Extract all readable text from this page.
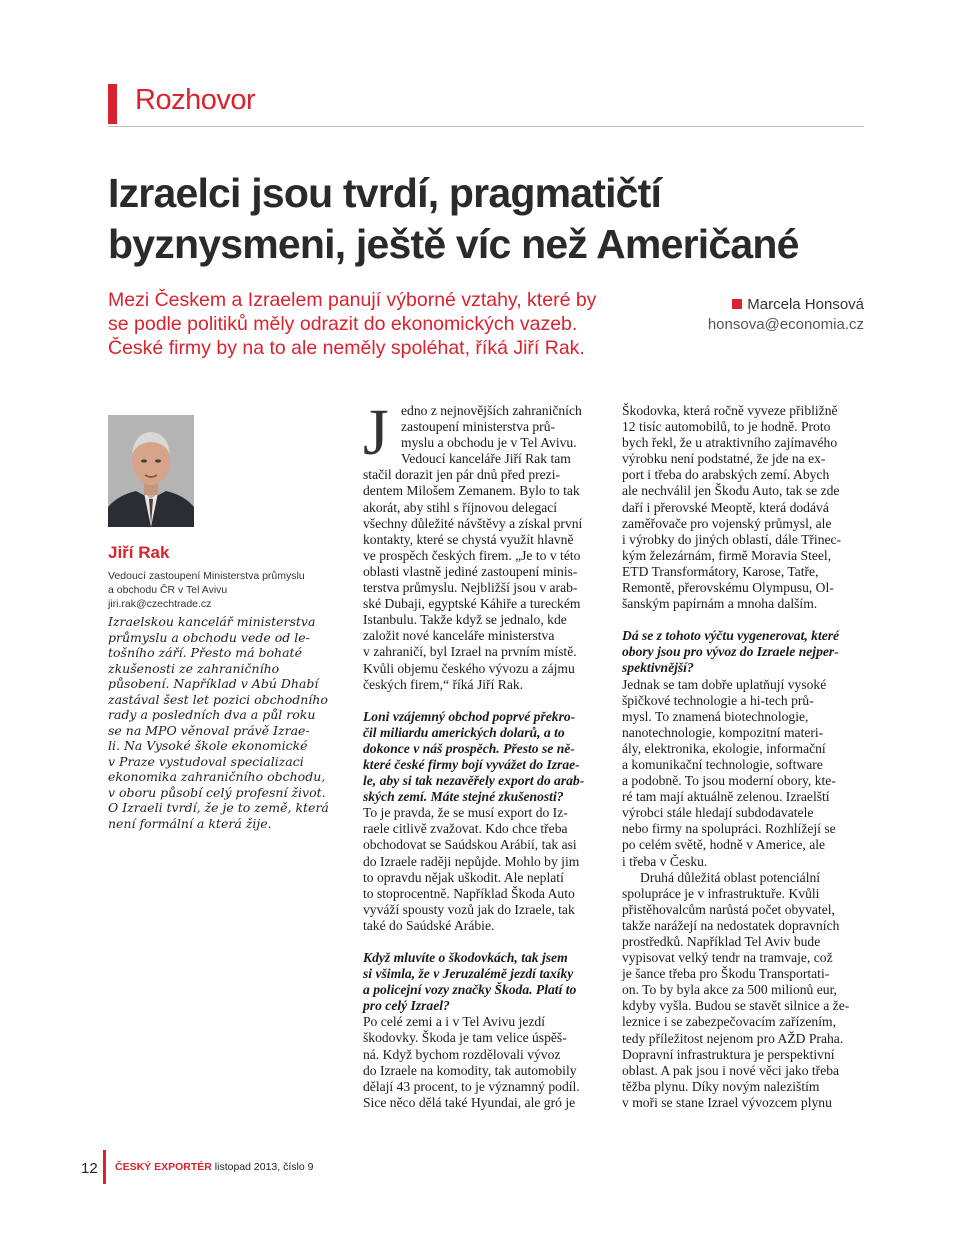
Rozhovor
Izraelci jsou tvrdí, pragmatičtí
byznysmeni, ještě víc než Američané
Mezi Českem a Izraelem panují výborné vztahy, které by
se podle politiků měly odrazit do ekonomických vazeb.
České firmy by na to ale neměly spoléhat, říká Jiří Rak.
Marcela Honsová
honsova@economia.cz
Jiří Rak
Vedoucí zastoupení Ministerstva průmyslu
a obchodu ČR v Tel Avivu
jiri.rak@czechtrade.cz
Izraelskou kancelář ministerstva
průmyslu a obchodu vede od le-
tošního září. Přesto má bohaté
zkušenosti ze zahraničního
působení. Například v Abú Dhabí
zastával šest let pozici obchodního
rady a posledních dva a půl roku
se na MPO věnoval právě Izrae-
li. Na Vysoké škole ekonomické
v Praze vystudoval specializaci
ekonomika zahraničního obchodu,
v oboru působí celý profesní život.
O Izraeli tvrdí, že je to země, která
není formální a která žije.
J edno z nejnovějších zahraničních
zastoupení ministerstva prů-
myslu a obchodu je v Tel Avivu.
Vedoucí kanceláře Jiří Rak tam
stačil dorazit jen pár dnů před prezi-
dentem Milošem Zemanem. Bylo to tak
akorát, aby stihl s říjnovou delegací
všechny důležité návštěvy a získal první
kontakty, které se chystá využít hlavně
ve prospěch českých firem. „Je to v této
oblasti vlastně jediné zastoupení minis-
terstva průmyslu. Nejbližší jsou v arab-
ské Dubaji, egyptské Káhiře a tureckém
Istanbulu. Takže když se jednalo, kde
založit nové kanceláře ministerstva
v zahraničí, byl Izrael na prvním místě.
Kvůli objemu českého vývozu a zájmu
českých firem,“ říká Jiří Rak.
Loni vzájemný obchod poprvé překro-
čil miliardu amerických dolarů, a to
dokonce v náš prospěch. Přesto se ně-
které české firmy bojí vyvážet do Izrae-
le, aby si tak nezavěřely export do arab-
ských zemí. Máte stejné zkušenosti?
To je pravda, že se musí export do Iz-
raele citlivě zvažovat. Kdo chce třeba
obchodovat se Saúdskou Arábií, tak asi
do Izraele raději nepůjde. Mohlo by jim
to opravdu nějak uškodit. Ale neplatí
to stoprocentně. Například Škoda Auto
vyváží spousty vozů jak do Izraele, tak
také do Saúdské Arábie.
Když mluvíte o škodovkách, tak jsem
si všimla, že v Jeruzalémě jezdí taxíky
a policejní vozy značky Škoda. Platí to
pro celý Izrael?
Po celé zemi a i v Tel Avivu jezdí
škodovky. Škoda je tam velice úspěš-
ná. Když bychom rozdělovali vývoz
do Izraele na komodity, tak automobily
dělají 43 procent, to je významný podíl.
Sice něco dělá také Hyundai, ale gró je
Škodovka, která ročně vyveze přibližně
12 tisíc automobilů, to je hodně. Proto
bych řekl, že u atraktivního zajímavého
výrobku není podstatné, že jde na ex-
port i třeba do arabských zemí. Abych
ale nechválil jen Škodu Auto, tak se zde
daří i přerovské Meoptě, která dodává
zaměřovače pro vojenský průmysl, ale
i výrobky do jiných oblastí, dále Třinec-
kým železárnám, firmě Moravia Steel,
ETD Transformátory, Karose, Tatře,
Remontě, přerovskému Olympusu, Ol-
šanským papírnám a mnoha dalším.
Dá se z tohoto výčtu vygenerovat, které
obory jsou pro vývoz do Izraele nejper-
spektivnější?
Jednak se tam dobře uplatňují vysoké
špičkové technologie a hi-tech prů-
mysl. To znamená biotechnologie,
nanotechnologie, kompozitní materi-
ály, elektronika, ekologie, informační
a komunikační technologie, software
a podobně. To jsou moderní obory, kte-
ré tam mají aktuálně zelenou. Izraelští
výrobci stále hledají subdodavatele
nebo firmy na spolupráci. Rozhlížejí se
po celém světě, hodně v Americe, ale
i třeba v Česku.
Druhá důležitá oblast potenciální
spolupráce je v infrastruktuře. Kvůli
přistěhovalcům narůstá počet obyvatel,
takže narážejí na nedostatek dopravních
prostředků. Například Tel Aviv bude
vypisovat velký tendr na tramvaje, což
je šance třeba pro Škodu Transportati-
on. To by byla akce za 500 milionů eur,
kdyby vyšla. Budou se stavět silnice a že-
leznice i se zabezpečovacím zařízením,
tedy příležitost nejenom pro AŽD Praha.
Dopravní infrastruktura je perspektivní
oblast. A pak jsou i nové věci jako třeba
těžba plynu. Díky novým nalezištím
v moři se stane Izrael vývozcem plynu
12 ČESKÝ EXPORTÉR listopad 2013, číslo 9
